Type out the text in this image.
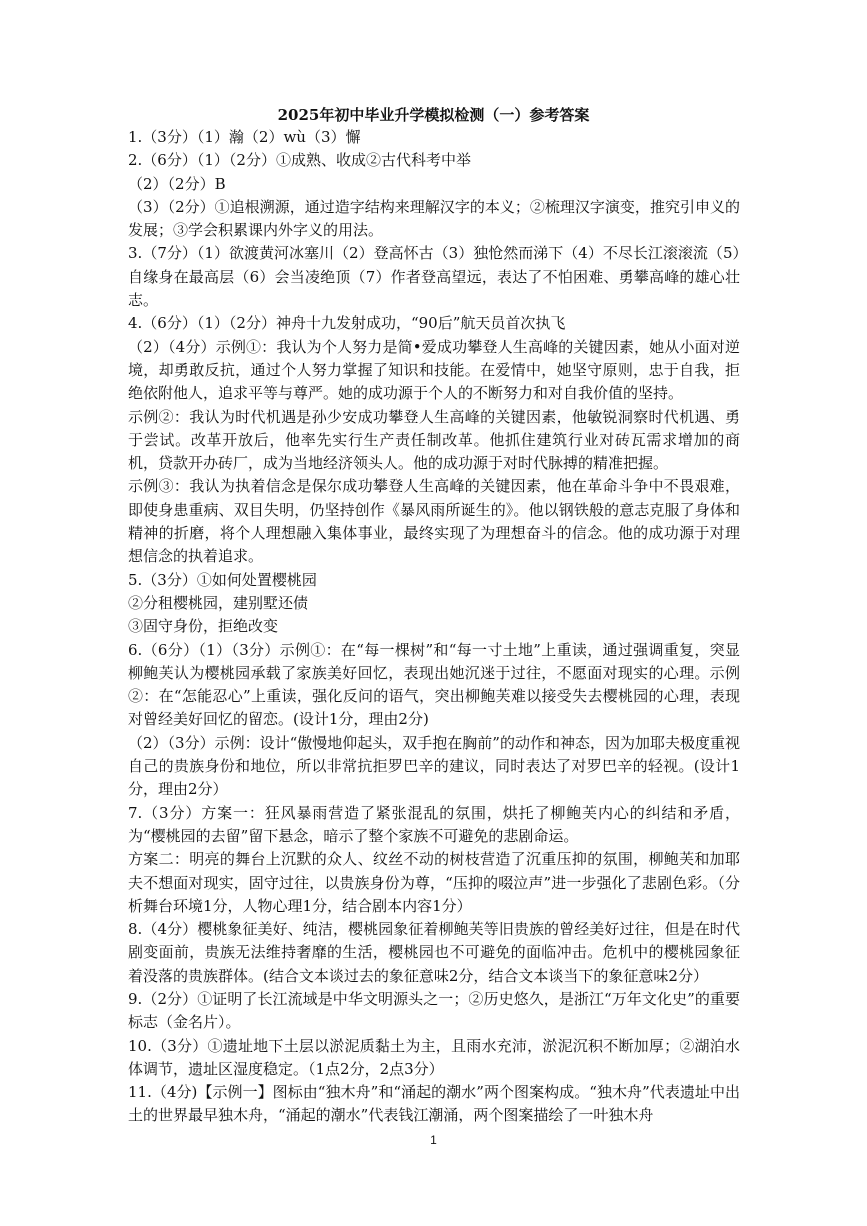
2025年初中毕业升学模拟检测（一）参考答案

1.（3分）（1）瀚（2）wù（3）懈

2.（6分）（1）（2分）①成熟、收成②古代科考中举

（2）（2分）B

（3）（2分）①追根溯源，通过造字结构来理解汉字的本义；②梳理汉字演变，推究引申义的发展；③学会积累课内外字义的用法。

3.（7分）（1）欲渡黄河冰塞川（2）登高怀古（3）独怆然而涕下（4）不尽长江滚滚流（5）自缘身在最高层（6）会当凌绝顶（7）作者登高望远，表达了不怕困难、勇攀高峰的雄心壮志。

4.（6分）（1）（2分）神舟十九发射成功，“90后”航天员首次执飞

（2）（4分）示例①：我认为个人努力是简•爱成功攀登人生高峰的关键因素，她从小面对逆境，却勇敢反抗，通过个人努力掌握了知识和技能。在爱情中，她坚守原则，忠于自我，拒绝依附他人，追求平等与尊严。她的成功源于个人的不断努力和对自我价值的坚持。

示例②：我认为时代机遇是孙少安成功攀登人生高峰的关键因素，他敏锐洞察时代机遇、勇于尝试。改革开放后，他率先实行生产责任制改革。他抓住建筑行业对砖瓦需求增加的商机，贷款开办砖厂，成为当地经济领头人。他的成功源于对时代脉搏的精准把握。

示例③：我认为执着信念是保尔成功攀登人生高峰的关键因素，他在革命斗争中不畏艰难，即使身患重病、双目失明，仍坚持创作《暴风雨所诞生的》。他以钢铁般的意志克服了身体和精神的折磨，将个人理想融入集体事业，最终实现了为理想奋斗的信念。他的成功源于对理想信念的执着追求。

5.（3分）①如何处置樱桃园

②分租樱桃园，建别墅还债

③固守身份，拒绝改变

6.（6分）（1）（3分）示例①：在“每一棵树”和“每一寸土地”上重读，通过强调重复，突显柳鲍芙认为樱桃园承载了家族美好回忆，表现出她沉迷于过往，不愿面对现实的心理。示例②：在“怎能忍心”上重读，强化反问的语气，突出柳鲍芙难以接受失去樱桃园的心理，表现对曾经美好回忆的留恋。(设计1分，理由2分)

（2）（3分）示例：设计“傲慢地仰起头，双手抱在胸前”的动作和神态，因为加耶夫极度重视自己的贵族身份和地位，所以非常抗拒罗巴辛的建议，同时表达了对罗巴辛的轻视。(设计1分，理由2分）

7.（3分）方案一：狂风暴雨营造了紧张混乱的氛围，烘托了柳鲍芙内心的纠结和矛盾，为“樱桃园的去留”留下悬念，暗示了整个家族不可避免的悲剧命运。

方案二：明亮的舞台上沉默的众人、纹丝不动的树枝营造了沉重压抑的氛围，柳鲍芙和加耶夫不想面对现实，固守过往，以贵族身份为尊，“压抑的啜泣声”进一步强化了悲剧色彩。（分析舞台环境1分，人物心理1分，结合剧本内容1分）

8.（4分）樱桃象征美好、纯洁，樱桃园象征着柳鲍芙等旧贵族的曾经美好过往，但是在时代剧变面前，贵族无法维持奢靡的生活，樱桃园也不可避免的面临冲击。危机中的樱桃园象征着没落的贵族群体。(结合文本谈过去的象征意味2分，结合文本谈当下的象征意味2分）

9.（2分）①证明了长江流域是中华文明源头之一；②历史悠久，是浙江“万年文化史”的重要标志（金名片）。

10.（3分）①遗址地下土层以淤泥质黏土为主，且雨水充沛，淤泥沉积不断加厚；②湖泊水体调节，遗址区湿度稳定。（1点2分，2点3分）

11.（4分)【示例一】图标由“独木舟”和“涌起的潮水”两个图案构成。“独木舟”代表遗址中出土的世界最早独木舟，“涌起的潮水”代表钱江潮涌，两个图案描绘了一叶独木舟

1
